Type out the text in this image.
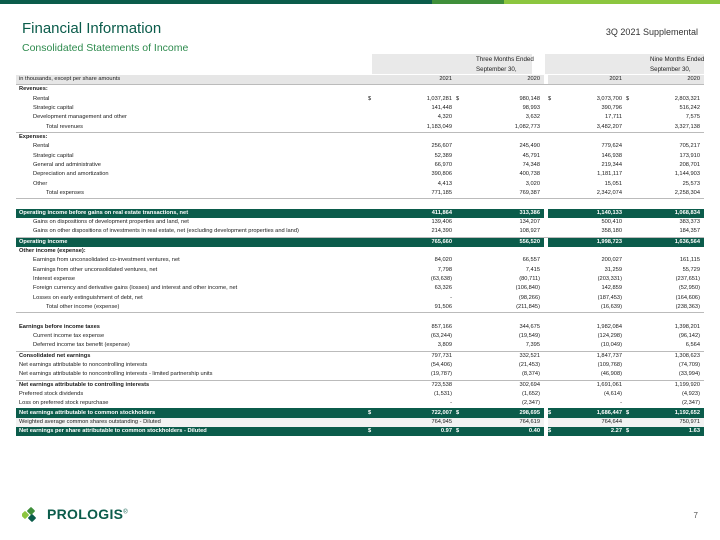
Financial Information
Consolidated Statements of Income
3Q 2021 Supplemental
Three Months Ended
September 30,
Nine Months Ended
September 30,
in thousands, except per share amounts		2021		2020			2021		2020
Revenues:									
Rental	$	1,037,281	$	980,148		$	3,073,700	$	2,803,321
Strategic capital		141,448		98,993			390,796		516,242
Development management and other		4,320		3,632			17,711		7,575
Total revenues		1,183,049		1,082,773			3,482,207		3,327,138
Expenses:									
Rental		256,607		245,490			779,624		705,217
Strategic capital		52,389		45,791			146,938		173,910
General and administrative		66,970		74,348			219,344		208,701
Depreciation and amortization		390,806		400,738			1,181,117		1,144,903
Other		4,413		3,020			15,051		25,573
Total expenses		771,185		769,387			2,342,074		2,258,304

Operating income before gains on real estate transactions, net		411,864		313,386			1,140,133		1,068,834
Gains on dispositions of development properties and land, net		139,406		134,207			500,410		383,373
Gains on other dispositions of investments in real estate, net (excluding development properties and land)		214,390		108,927			358,180		184,357
Operating income		765,660		556,520			1,998,723		1,636,564
Other income (expense):									
Earnings from unconsolidated co-investment ventures, net		84,020		66,557			200,027		161,115
Earnings from other unconsolidated ventures, net		7,798		7,415			31,259		55,729
Interest expense		(63,638)		(80,711)			(203,331)		(237,651)
Foreign currency and derivative gains (losses) and interest and other income, net		63,326		(106,840)			142,859		(52,950)
Losses on early extinguishment of debt, net		-		(98,266)			(187,453)		(164,606)
Total other income (expense)		91,506		(211,845)			(16,639)		(238,363)

Earnings before income taxes		857,166		344,675			1,982,084		1,398,201
Current income tax expense		(63,244)		(19,549)			(124,298)		(96,142)
Deferred income tax benefit (expense)		3,809		7,395			(10,049)		6,564
Consolidated net earnings		797,731		332,521			1,847,737		1,308,623
Net earnings attributable to noncontrolling interests		(54,406)		(21,453)			(109,768)		(74,709)
Net earnings attributable to noncontrolling interests - limited partnership units		(19,787)		(8,374)			(46,908)		(33,994)
Net earnings attributable to controlling interests		723,538		302,694			1,691,061		1,199,920
Preferred stock dividends		(1,531)		(1,652)			(4,614)		(4,923)
Loss on preferred stock repurchase		-		(2,347)			-		(2,347)
Net earnings attributable to common stockholders	$	722,007	$	298,695		$	1,686,447	$	1,192,652
Weighted average common shares outstanding - Diluted		764,945		764,619			764,644		750,971
Net earnings per share attributable to common stockholders - Diluted	$	0.97	$	0.40		$	2.27	$	1.63
PROLOGIS®	7
